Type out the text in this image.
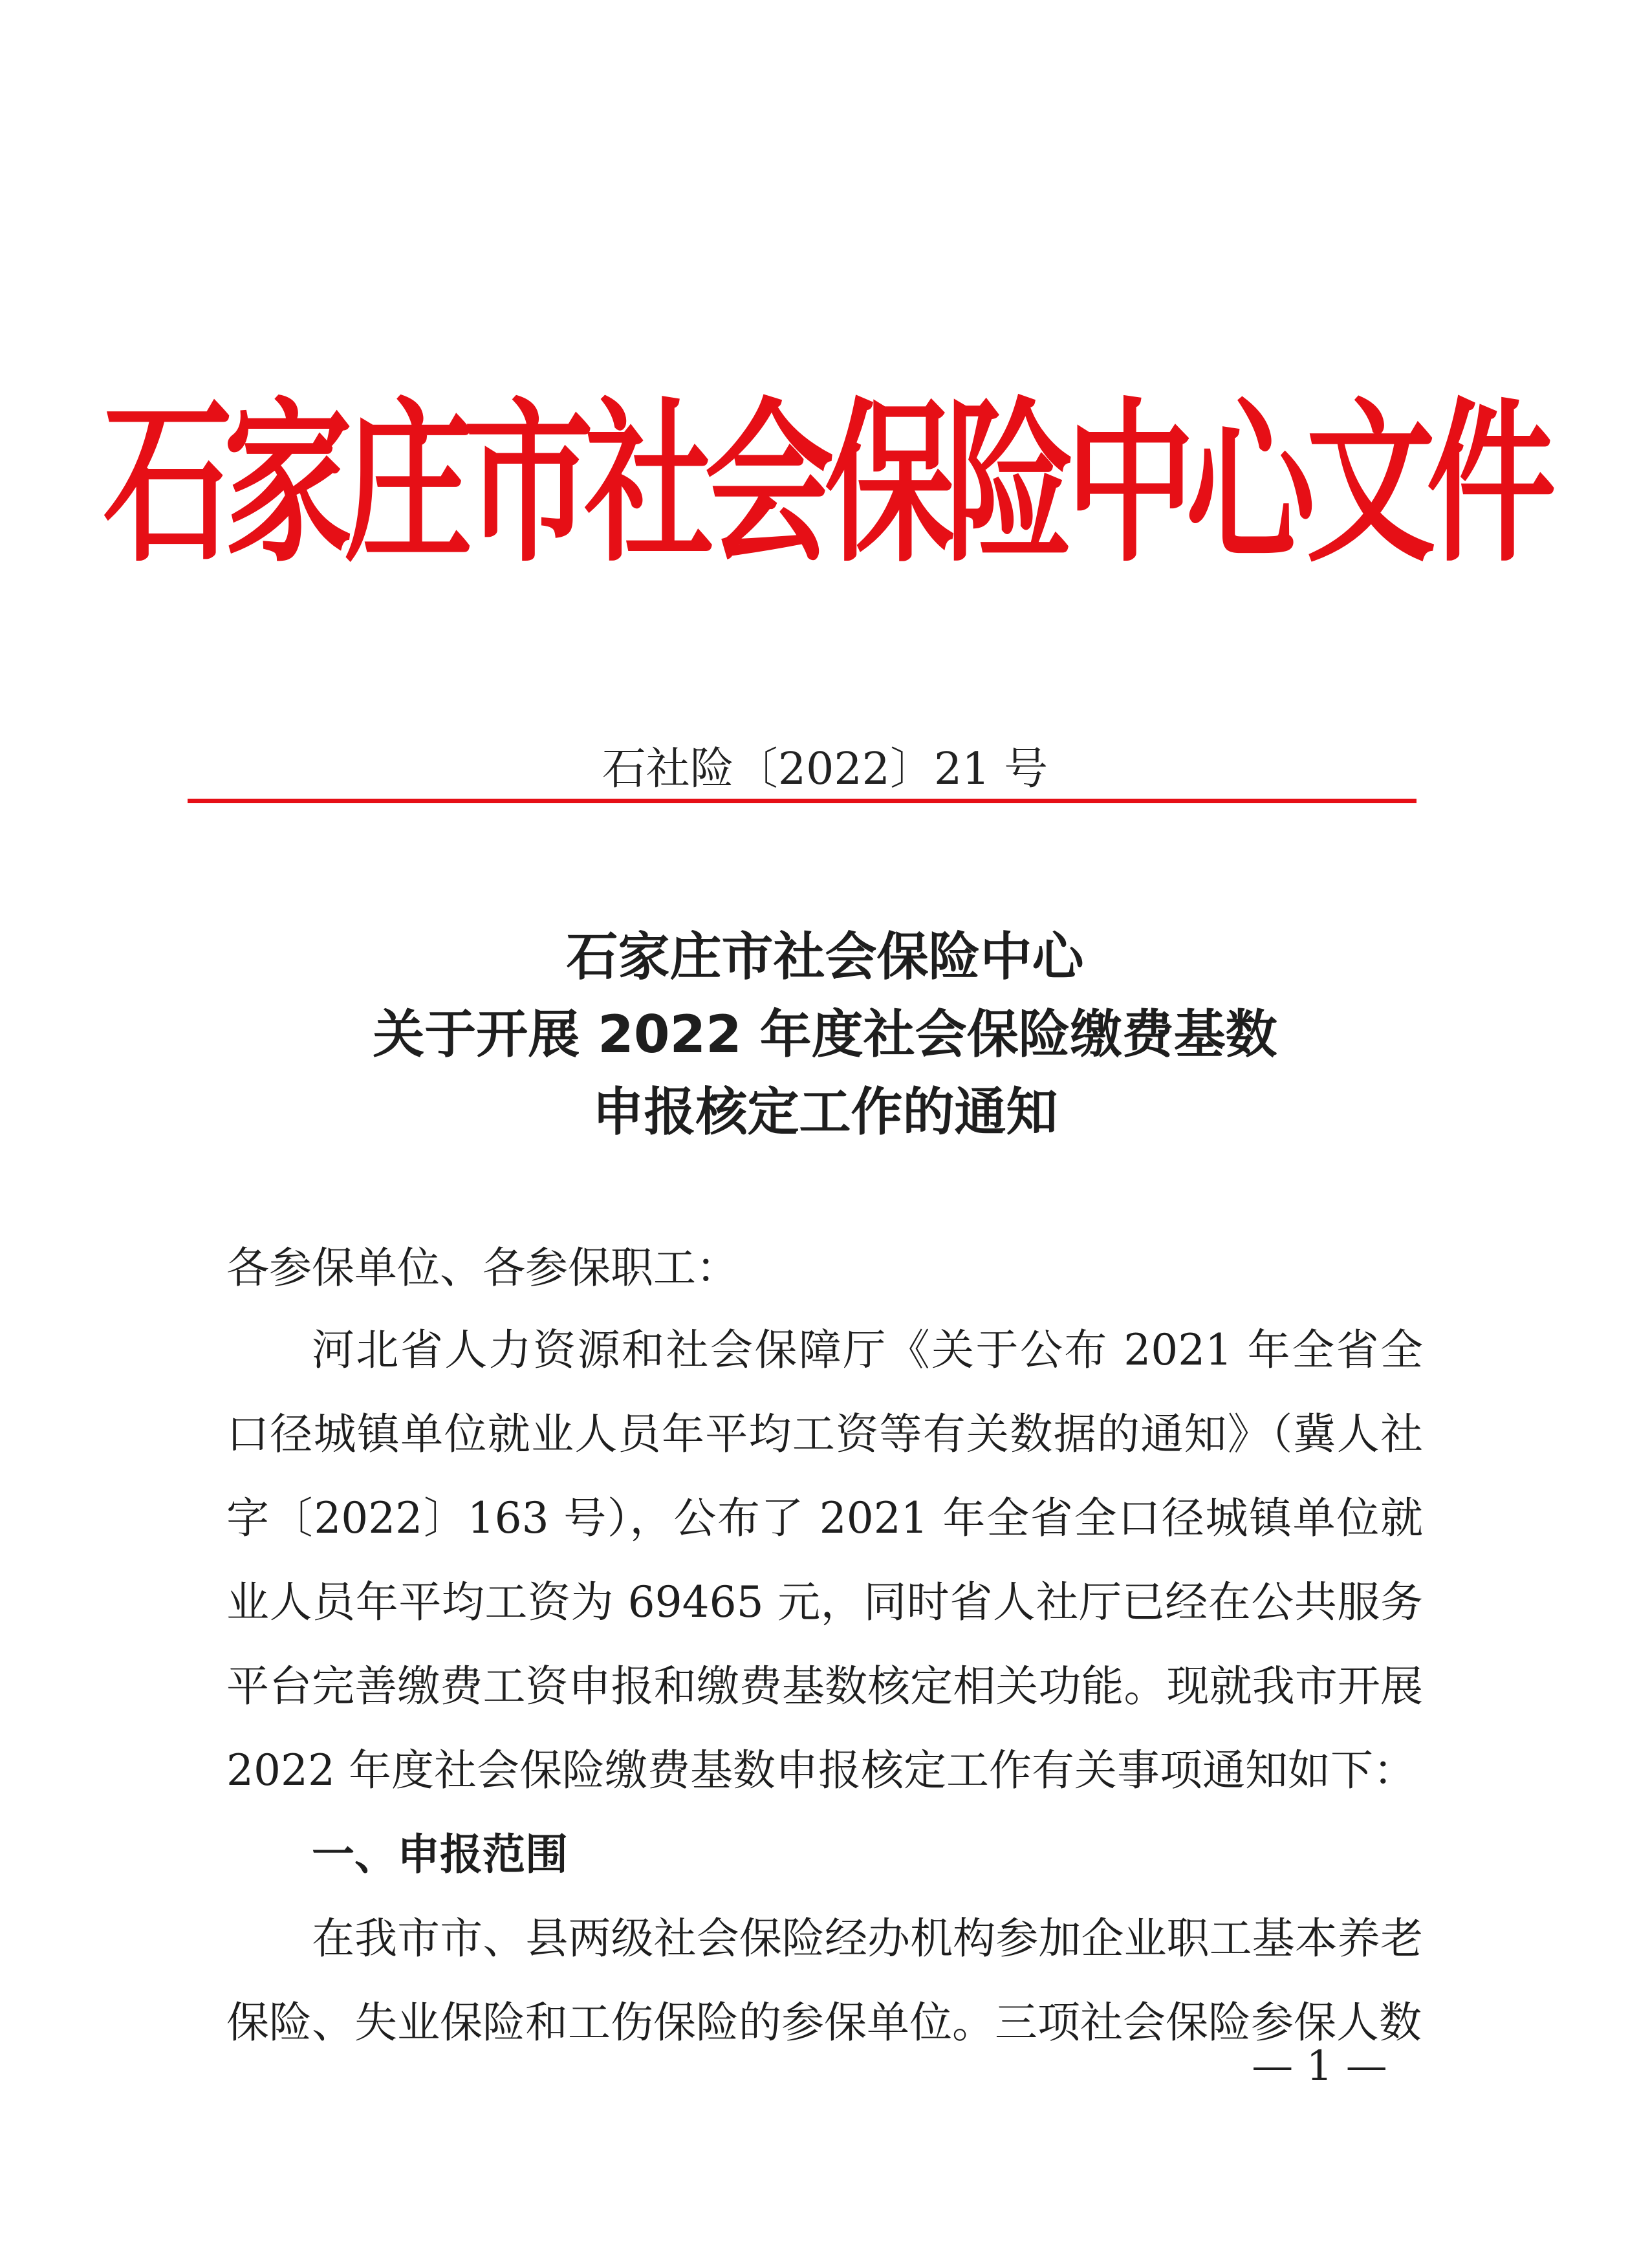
石家庄市社会保险中心文件
石社险〔2022〕21 号
石家庄市社会保险中心
关于开展 2022 年度社会保险缴费基数
申报核定工作的通知

各参保单位、各参保职工：

河北省人力资源和社会保障厅《关于公布 2021 年全省全口径城镇单位就业人员年平均工资等有关数据的通知》（冀人社字〔2022〕163 号），公布了 2021 年全省全口径城镇单位就业人员年平均工资为 69465 元，同时省人社厅已经在公共服务平台完善缴费工资申报和缴费基数核定相关功能。现就我市开展 2022 年度社会保险缴费基数申报核定工作有关事项通知如下：

一、申报范围

在我市市、县两级社会保险经办机构参加企业职工基本养老保险、失业保险和工伤保险的参保单位。三项社会保险参保人数

— 1 —
